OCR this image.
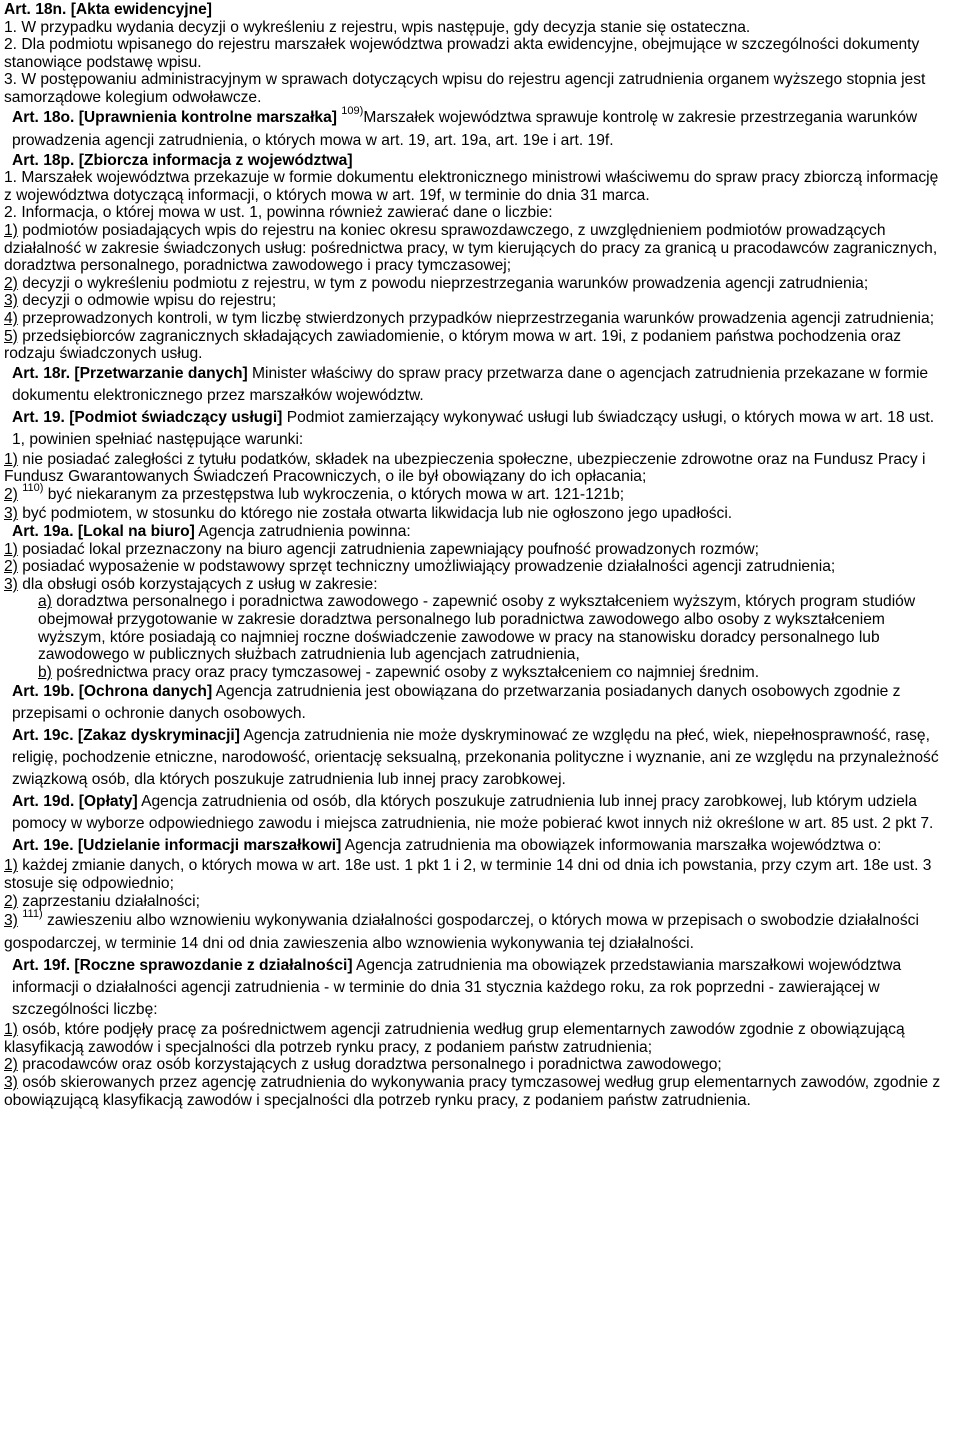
Art. 18n. [Akta ewidencyjne]

1. W przypadku wydania decyzji o wykreśleniu z rejestru, wpis następuje, gdy decyzja stanie się ostateczna.

2. Dla podmiotu wpisanego do rejestru marszałek województwa prowadzi akta ewidencyjne, obejmujące w szczególności dokumenty stanowiące podstawę wpisu.

3. W postępowaniu administracyjnym w sprawach dotyczących wpisu do rejestru agencji zatrudnienia organem wyższego stopnia jest samorządowe kolegium odwoławcze.

Art. 18o. [Uprawnienia kontrolne marszałka] $^{109)}$Marszałek województwa sprawuje kontrolę w zakresie przestrzegania warunków prowadzenia agencji zatrudnienia, o których mowa w art. 19, art. 19a, art. 19e i art. 19f.

Art. 18p. [Zbiorcza informacja z województwa]

1. Marszałek województwa przekazuje w formie dokumentu elektronicznego ministrowi właściwemu do spraw pracy zbiorczą informację z województwa dotyczącą informacji, o których mowa w art. 19f, w terminie do dnia 31 marca.

2. Informacja, o której mowa w ust. 1, powinna również zawierać dane o liczbie:

1) podmiotów posiadających wpis do rejestru na koniec okresu sprawozdawczego, z uwzględnieniem podmiotów prowadzących działalność w zakresie świadczonych usług: pośrednictwa pracy, w tym kierujących do pracy za granicą u pracodawców zagranicznych, doradztwa personalnego, poradnictwa zawodowego i pracy tymczasowej;

2) decyzji o wykreśleniu podmiotu z rejestru, w tym z powodu nieprzestrzegania warunków prowadzenia agencji zatrudnienia;

3) decyzji o odmowie wpisu do rejestru;

4) przeprowadzonych kontroli, w tym liczbę stwierdzonych przypadków nieprzestrzegania warunków prowadzenia agencji zatrudnienia;

5) przedsiębiorców zagranicznych składających zawiadomienie, o którym mowa w art. 19i, z podaniem państwa pochodzenia oraz rodzaju świadczonych usług.

Art. 18r. [Przetwarzanie danych] Minister właściwy do spraw pracy przetwarza dane o agencjach zatrudnienia przekazane w formie dokumentu elektronicznego przez marszałków województw.

Art. 19. [Podmiot świadczący usługi] Podmiot zamierzający wykonywać usługi lub świadczący usługi, o których mowa w art. 18 ust. 1, powinien spełniać następujące warunki:

1) nie posiadać zaległości z tytułu podatków, składek na ubezpieczenia społeczne, ubezpieczenie zdrowotne oraz na Fundusz Pracy i Fundusz Gwarantowanych Świadczeń Pracowniczych, o ile był obowiązany do ich opłacania;

2) $^{110)}$ być niekaranym za przestępstwa lub wykroczenia, o których mowa w art. 121-121b;

3) być podmiotem, w stosunku do którego nie została otwarta likwidacja lub nie ogłoszono jego upadłości.

Art. 19a. [Lokal na biuro] Agencja zatrudnienia powinna:

1) posiadać lokal przeznaczony na biuro agencji zatrudnienia zapewniający poufność prowadzonych rozmów;

2) posiadać wyposażenie w podstawowy sprzęt techniczny umożliwiający prowadzenie działalności agencji zatrudnienia;

3) dla obsługi osób korzystających z usług w zakresie:

a) doradztwa personalnego i poradnictwa zawodowego - zapewnić osoby z wykształceniem wyższym, których program studiów obejmował przygotowanie w zakresie doradztwa personalnego lub poradnictwa zawodowego albo osoby z wykształceniem wyższym, które posiadają co najmniej roczne doświadczenie zawodowe w pracy na stanowisku doradcy personalnego lub zawodowego w publicznych służbach zatrudnienia lub agencjach zatrudnienia,

b) pośrednictwa pracy oraz pracy tymczasowej - zapewnić osoby z wykształceniem co najmniej średnim.

Art. 19b. [Ochrona danych] Agencja zatrudnienia jest obowiązana do przetwarzania posiadanych danych osobowych zgodnie z przepisami o ochronie danych osobowych.

Art. 19c. [Zakaz dyskryminacji] Agencja zatrudnienia nie może dyskryminować ze względu na płeć, wiek, niepełnosprawność, rasę, religię, pochodzenie etniczne, narodowość, orientację seksualną, przekonania polityczne i wyznanie, ani ze względu na przynależność związkową osób, dla których poszukuje zatrudnienia lub innej pracy zarobkowej.

Art. 19d. [Opłaty] Agencja zatrudnienia od osób, dla których poszukuje zatrudnienia lub innej pracy zarobkowej, lub którym udziela pomocy w wyborze odpowiedniego zawodu i miejsca zatrudnienia, nie może pobierać kwot innych niż określone w art. 85 ust. 2 pkt 7.

Art. 19e. [Udzielanie informacji marszałkowi] Agencja zatrudnienia ma obowiązek informowania marszałka województwa o:

1) każdej zmianie danych, o których mowa w art. 18e ust. 1 pkt 1 i 2, w terminie 14 dni od dnia ich powstania, przy czym art. 18e ust. 3 stosuje się odpowiednio;

2) zaprzestaniu działalności;

3) $^{111)}$ zawieszeniu albo wznowieniu wykonywania działalności gospodarczej, o których mowa w przepisach o swobodzie działalności gospodarczej, w terminie 14 dni od dnia zawieszenia albo wznowienia wykonywania tej działalności.

Art. 19f. [Roczne sprawozdanie z działalności] Agencja zatrudnienia ma obowiązek przedstawiania marszałkowi województwa informacji o działalności agencji zatrudnienia - w terminie do dnia 31 stycznia każdego roku, za rok poprzedni - zawierającej w szczególności liczbę:

1) osób, które podjęły pracę za pośrednictwem agencji zatrudnienia według grup elementarnych zawodów zgodnie z obowiązującą klasyfikacją zawodów i specjalności dla potrzeb rynku pracy, z podaniem państw zatrudnienia;

2) pracodawców oraz osób korzystających z usług doradztwa personalnego i poradnictwa zawodowego;

3) osób skierowanych przez agencję zatrudnienia do wykonywania pracy tymczasowej według grup elementarnych zawodów, zgodnie z obowiązującą klasyfikacją zawodów i specjalności dla potrzeb rynku pracy, z podaniem państw zatrudnienia.
